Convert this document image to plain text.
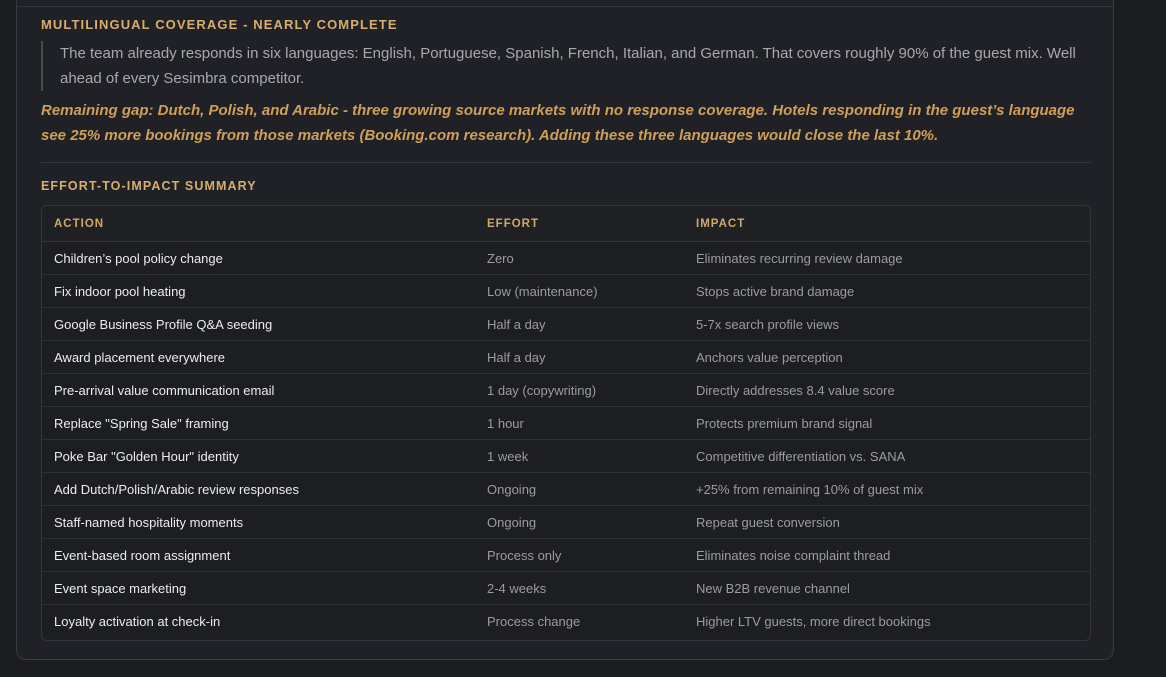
MULTILINGUAL COVERAGE - NEARLY COMPLETE
The team already responds in six languages: English, Portuguese, Spanish, French, Italian, and German. That covers roughly 90% of the guest mix. Well ahead of every Sesimbra competitor.

Remaining gap: Dutch, Polish, and Arabic - three growing source markets with no response coverage. Hotels responding in the guest’s language see 25% more bookings from those markets (Booking.com research). Adding these three languages would close the last 10%.

EFFORT-TO-IMPACT SUMMARY
ACTION	EFFORT	IMPACT
Children’s pool policy change	Zero	Eliminates recurring review damage
Fix indoor pool heating	Low (maintenance)	Stops active brand damage
Google Business Profile Q&A seeding	Half a day	5-7x search profile views
Award placement everywhere	Half a day	Anchors value perception
Pre-arrival value communication email	1 day (copywriting)	Directly addresses 8.4 value score
Replace "Spring Sale" framing	1 hour	Protects premium brand signal
Poke Bar "Golden Hour" identity	1 week	Competitive differentiation vs. SANA
Add Dutch/Polish/Arabic review responses	Ongoing	+25% from remaining 10% of guest mix
Staff-named hospitality moments	Ongoing	Repeat guest conversion
Event-based room assignment	Process only	Eliminates noise complaint thread
Event space marketing	2-4 weeks	New B2B revenue channel
Loyalty activation at check-in	Process change	Higher LTV guests, more direct bookings
